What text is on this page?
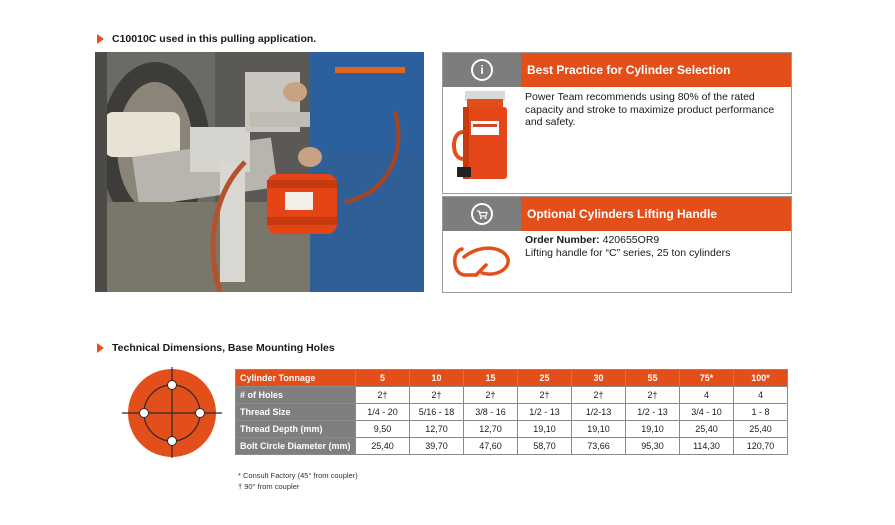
C10010C used in this pulling application.
i	Best Practice for Cylinder Selection
Power Team recommends using 80% of the rated capacity and stroke to maximize product performance and safety.
Optional Cylinders Lifting Handle
Order Number: 420655OR9
Lifting handle for “C” series, 25 ton cylinders
Technical Dimensions, Base Mounting Holes
Cylinder Tonnage	5	10	15	25	30	55	75*	100*
# of Holes	2†	2†	2†	2†	2†	2†	4	4
Thread Size	1/4 - 20	5/16 - 18	3/8 - 16	1/2 - 13	1/2-13	1/2 - 13	3/4 - 10	1 - 8
Thread Depth (mm)	9,50	12,70	12,70	19,10	19,10	19,10	25,40	25,40
Bolt Circle Diameter (mm)	25,40	39,70	47,60	58,70	73,66	95,30	114,30	120,70
* Consult Factory (45° from coupler)
† 90° from coupler
